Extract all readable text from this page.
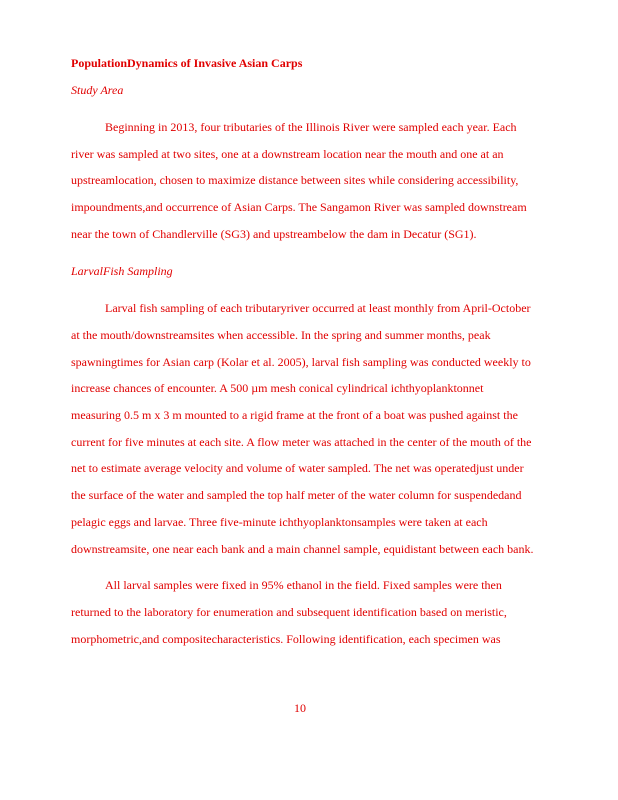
PopulationDynamics of Invasive Asian Carps
Study Area
Beginning in 2013, four tributaries of the Illinois River were sampled each year. Each
river was sampled at two sites, one at a downstream location near the mouth and one at an
upstreamlocation, chosen to maximize distance between sites while considering accessibility,
impoundments,and occurrence of Asian Carps. The Sangamon River was sampled downstream
near the town of Chandlerville (SG3) and upstreambelow the dam in Decatur (SG1).
LarvalFish Sampling
Larval fish sampling of each tributaryriver occurred at least monthly from April-October
at the mouth/downstreamsites when accessible. In the spring and summer months, peak
spawningtimes for Asian carp (Kolar et al. 2005), larval fish sampling was conducted weekly to
increase chances of encounter. A 500 µm mesh conical cylindrical ichthyoplanktonnet
measuring 0.5 m x 3 m mounted to a rigid frame at the front of a boat was pushed against the
current for five minutes at each site. A flow meter was attached in the center of the mouth of the
net to estimate average velocity and volume of water sampled. The net was operatedjust under
the surface of the water and sampled the top half meter of the water column for suspendedand
pelagic eggs and larvae. Three five-minute ichthyoplanktonsamples were taken at each
downstreamsite, one near each bank and a main channel sample, equidistant between each bank.
All larval samples were fixed in 95% ethanol in the field. Fixed samples were then
returned to the laboratory for enumeration and subsequent identification based on meristic,
morphometric,and compositecharacteristics. Following identification, each specimen was
10
